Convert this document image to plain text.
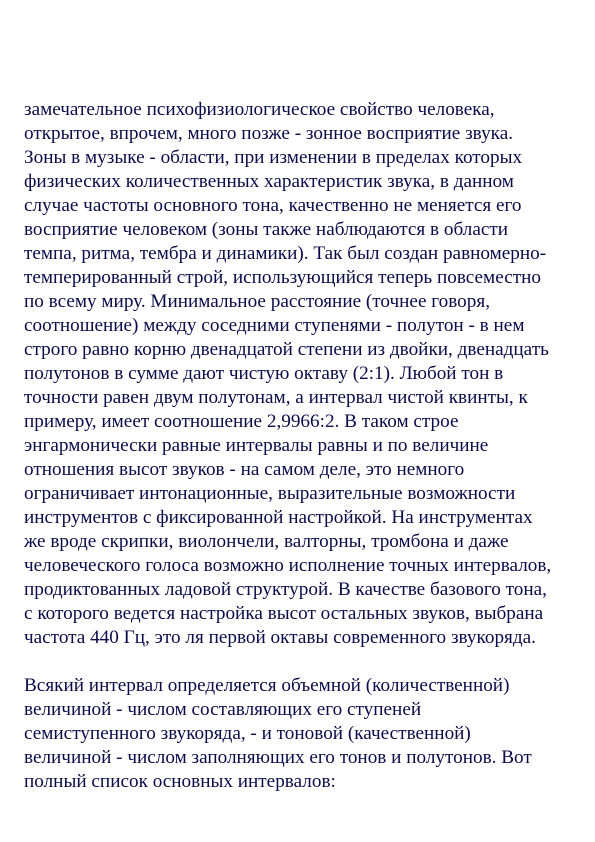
замечательное психофизиологическое свойство человека,
открытое, впрочем, много позже - зонное восприятие звука.
Зоны в музыке - области, при изменении в пределах которых
физических количественных характеристик звука, в данном
случае частоты основного тона, качественно не меняется его
восприятие человеком (зоны также наблюдаются в области
темпа, ритма, тембра и динамики). Так был создан равномерно-
темперированный строй, использующийся теперь повсеместно
по всему миру. Минимальное расстояние (точнее говоря,
соотношение) между соседними ступенями - полутон - в нем
строго равно корню двенадцатой степени из двойки, двенадцать
полутонов в сумме дают чистую октаву (2:1). Любой тон в
точности равен двум полутонам, а интервал чистой квинты, к
примеру, имеет соотношение 2,9966:2. В таком строе
энгармонически равные интервалы равны и по величине
отношения высот звуков - на самом деле, это немного
ограничивает интонационные, выразительные возможности
инструментов с фиксированной настройкой. На инструментах
же вроде скрипки, виолончели, валторны, тромбона и даже
человеческого голоса возможно исполнение точных интервалов,
продиктованных ладовой структурой. В качестве базового тона,
с которого ведется настройка высот остальных звуков, выбрана
частота 440 Гц, это ля первой октавы современного звукоряда.
Всякий интервал определяется объемной (количественной)
величиной - числом составляющих его ступеней
семиступенного звукоряда, - и тоновой (качественной)
величиной - числом заполняющих его тонов и полутонов. Вот
полный список основных интервалов:
